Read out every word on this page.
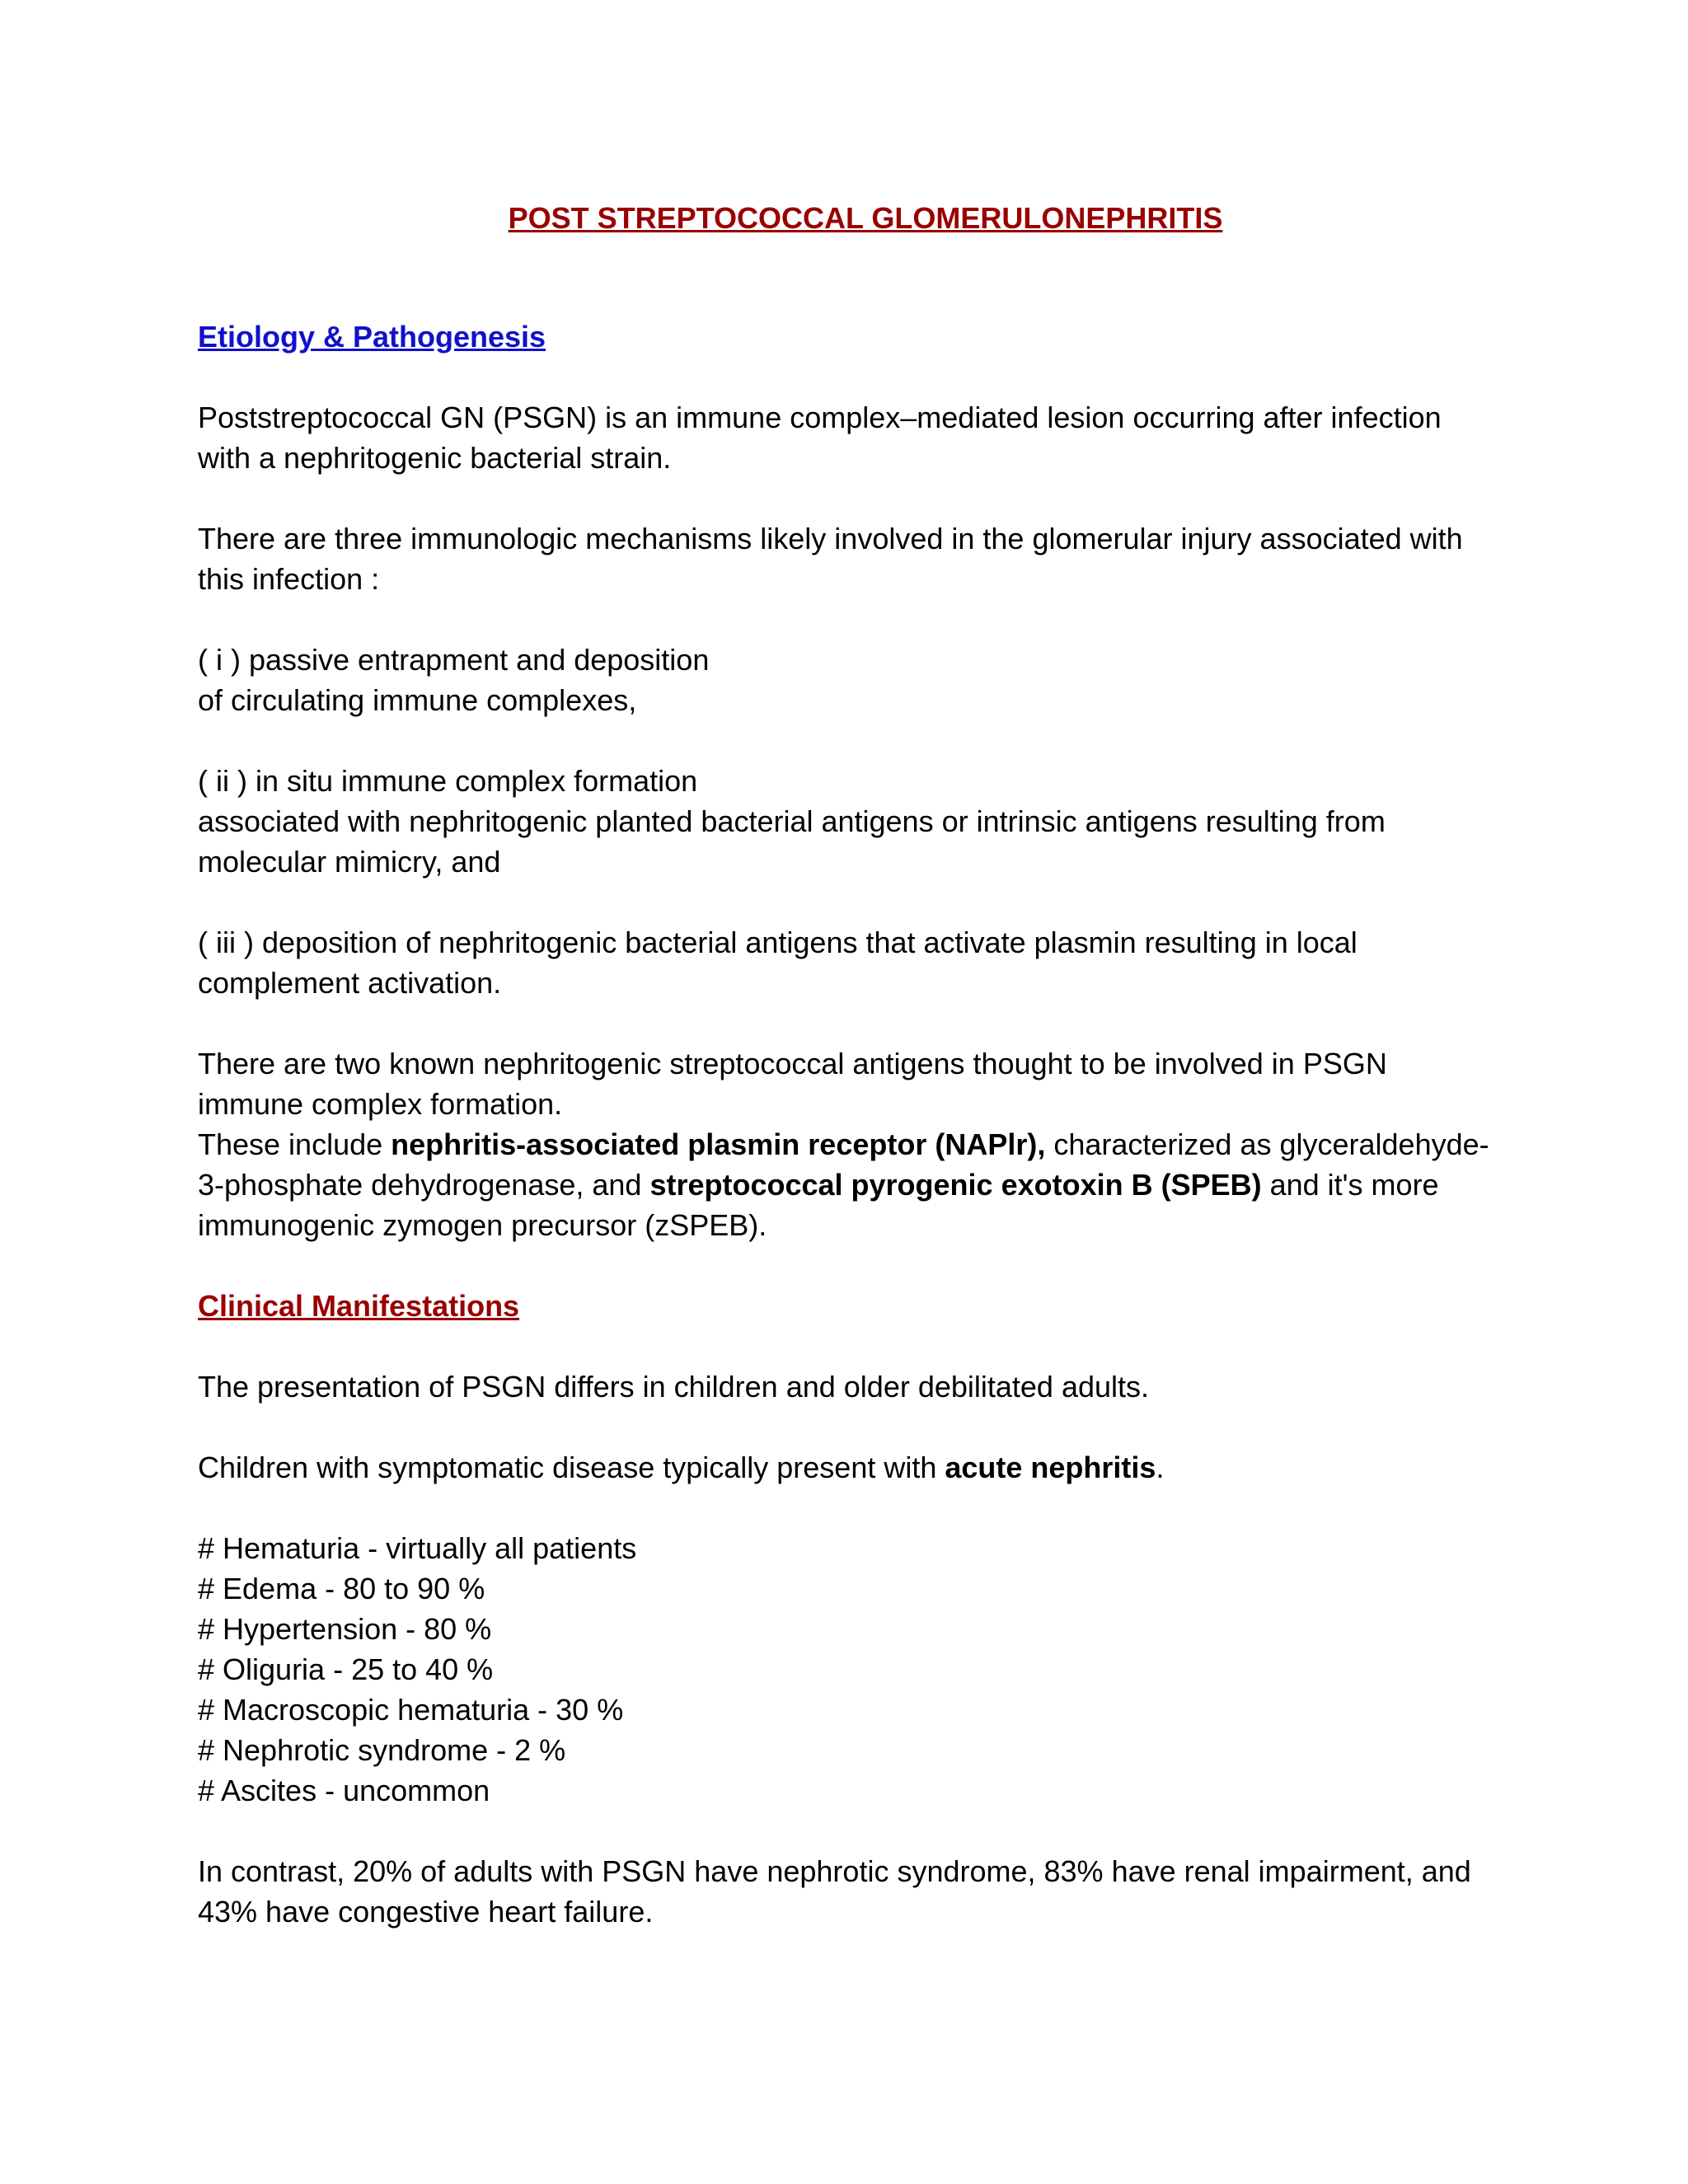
POST STREPTOCOCCAL GLOMERULONEPHRITIS
Etiology & Pathogenesis

Poststreptococcal GN (PSGN) is an immune complex–mediated lesion occurring after infection with a nephritogenic bacterial strain.

There are three immunologic mechanisms likely involved in the glomerular injury associated with this infection :

( i ) passive entrapment and deposition
of circulating immune complexes,

( ii ) in situ immune complex formation
associated with nephritogenic planted bacterial antigens or intrinsic antigens resulting from molecular mimicry, and

( iii ) deposition of nephritogenic bacterial antigens that activate plasmin resulting in local complement activation.

There are two known nephritogenic streptococcal antigens thought to be involved in PSGN immune complex formation.
These include nephritis-associated plasmin receptor (NAPlr), characterized as glyceraldehyde-3-phosphate dehydrogenase, and streptococcal pyrogenic exotoxin B (SPEB) and it's more immunogenic zymogen precursor (zSPEB).

Clinical Manifestations

The presentation of PSGN differs in children and older debilitated adults.

Children with symptomatic disease typically present with acute nephritis.

# Hematuria - virtually all patients
# Edema - 80 to 90 %
# Hypertension - 80 %
# Oliguria - 25 to 40 %
# Macroscopic hematuria - 30 %
# Nephrotic syndrome - 2 %
# Ascites - uncommon

In contrast, 20% of adults with PSGN have nephrotic syndrome, 83% have renal impairment, and 43% have congestive heart failure.
